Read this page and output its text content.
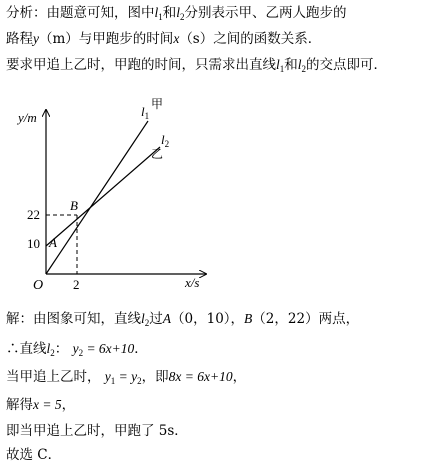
分析：由题意可知，图中$l_1$和$l_2$分别表示甲、乙两人跑步的
路程y（m）与甲跑步的时间x（s）之间的函数关系．
要求甲追上乙时，甲跑的时间，只需求出直线$l_1$和$l_2$的交点即可．
y/m
x/s
O
22
10
2
A
B
$l_1$
甲
$l_2$
乙
解：由图象可知，直线$l_2$过A（0，10），B（2，22）两点，
∴直线$l_2$： $y_2 = 6x+10$．
当甲追上乙时， $y_1 = y_2$，即8x = 6x+10，
解得x = 5，
即当甲追上乙时，甲跑了 5s．
故选 C．
